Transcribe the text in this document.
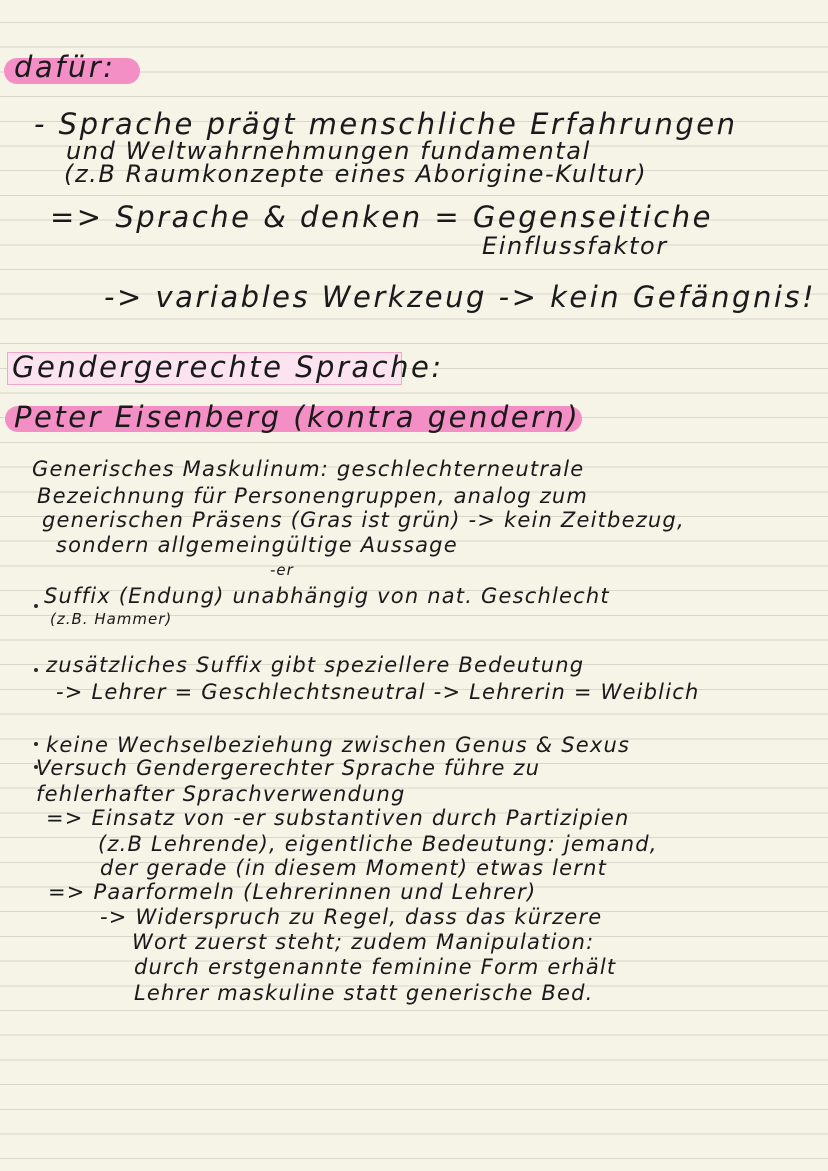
dafür:
- Sprache prägt menschliche Erfahrungen
und Weltwahrnehmungen fundamental
(z.B Raumkonzepte eines Aborigine-Kultur)
=> Sprache & denken = Gegenseitiche
Einflussfaktor
-> variables Werkzeug -> kein Gefängnis!
Gendergerechte Sprache:
Peter Eisenberg (kontra gendern)
Generisches Maskulinum: geschlechterneutrale
Bezeichnung für Personengruppen, analog zum
generischen Präsens (Gras ist grün) -> kein Zeitbezug,
sondern allgemeingültige Aussage
-er
Suffix (Endung) unabhängig von nat. Geschlecht
(z.B. Hammer)
zusätzliches Suffix gibt speziellere Bedeutung
-> Lehrer = Geschlechtsneutral -> Lehrerin = Weiblich
keine Wechselbeziehung zwischen Genus & Sexus
Versuch Gendergerechter Sprache führe zu
fehlerhafter Sprachverwendung
=> Einsatz von -er substantiven durch Partizipien
(z.B Lehrende), eigentliche Bedeutung: jemand,
der gerade (in diesem Moment) etwas lernt
=> Paarformeln (Lehrerinnen und Lehrer)
-> Widerspruch zu Regel, dass das kürzere
Wort zuerst steht; zudem Manipulation:
durch erstgenannte feminine Form erhält
Lehrer maskuline statt generische Bed.
